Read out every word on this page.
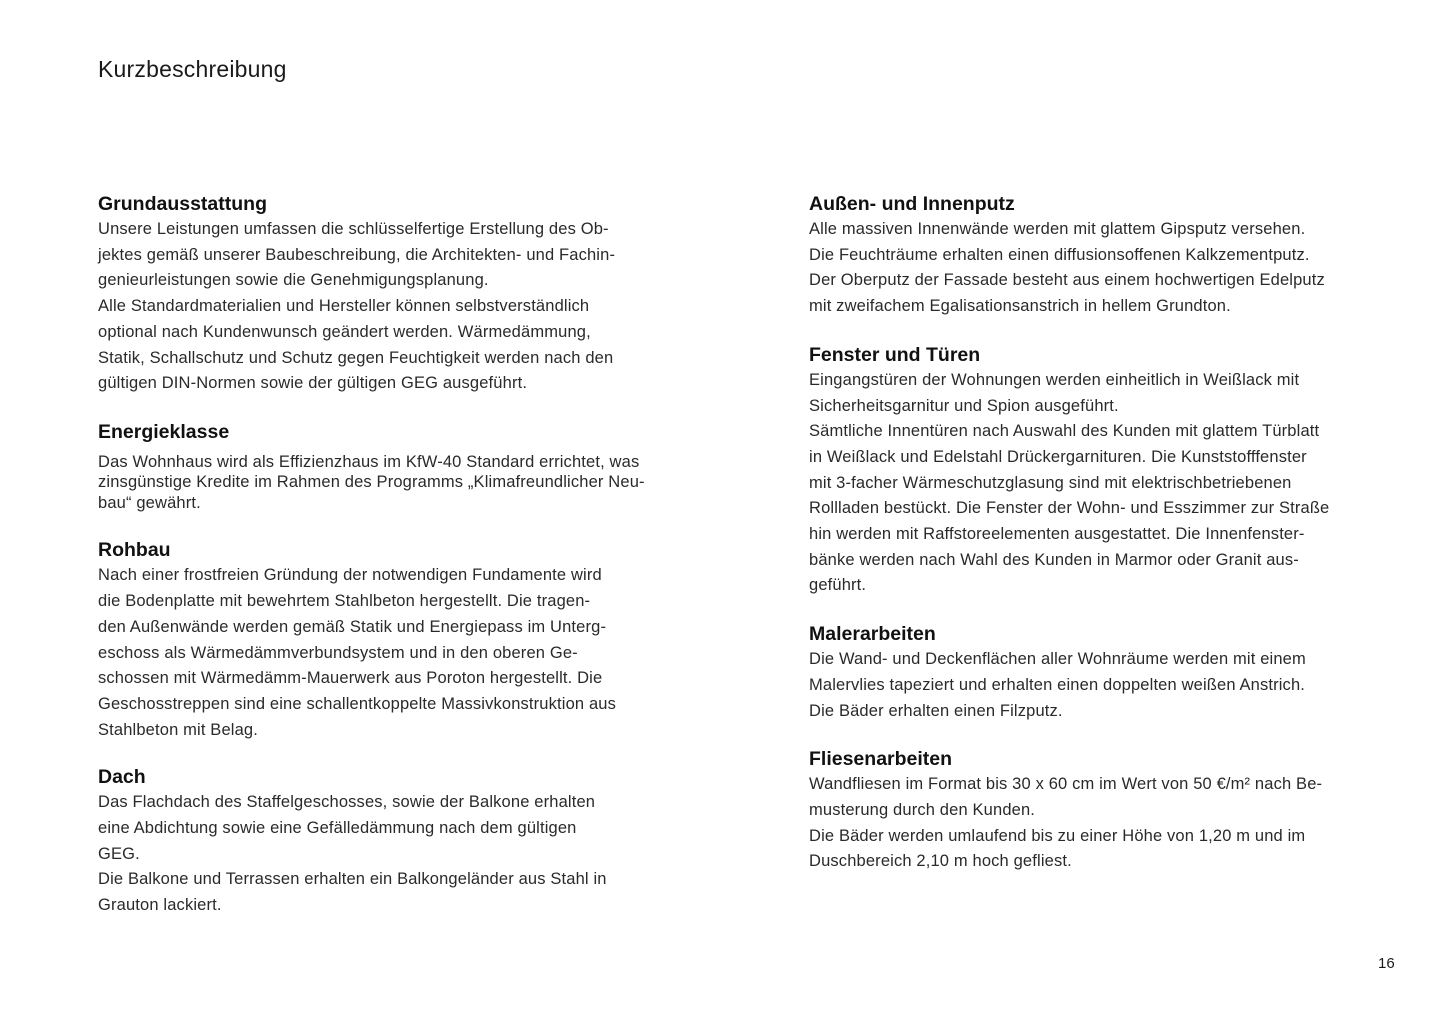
Kurzbeschreibung
Grundausstattung
Unsere Leistungen umfassen die schlüsselfertige Erstellung des Ob-
jektes gemäß unserer Baubeschreibung, die Architekten- und Fachin-
genieurleistungen sowie die Genehmigungsplanung.
Alle Standardmaterialien und Hersteller können selbstverständlich
optional nach Kundenwunsch geändert werden. Wärmedämmung,
Statik, Schallschutz und Schutz gegen Feuchtigkeit werden nach den
gültigen DIN-Normen sowie der gültigen GEG ausgeführt.
Energieklasse
Das Wohnhaus wird als Effizienzhaus im KfW-40 Standard errichtet, was
zinsgünstige Kredite im Rahmen des Programms „Klimafreundlicher Neu-
bau“ gewährt.
Rohbau
Nach einer frostfreien Gründung der notwendigen Fundamente wird
die Bodenplatte mit bewehrtem Stahlbeton hergestellt. Die tragen-
den Außenwände werden gemäß Statik und Energiepass im Unterg-
eschoss als Wärmedämmverbundsystem und in den oberen Ge-
schossen mit Wärmedämm-Mauerwerk aus Poroton hergestellt. Die
Geschosstreppen sind eine schallentkoppelte Massivkonstruktion aus
Stahlbeton mit Belag.
Dach
Das Flachdach des Staffelgeschosses, sowie der Balkone erhalten
eine Abdichtung sowie eine Gefälledämmung nach dem gültigen
GEG.
Die Balkone und Terrassen erhalten ein Balkongeländer aus Stahl in
Grauton lackiert.
Außen- und Innenputz
Alle massiven Innenwände werden mit glattem Gipsputz versehen.
Die Feuchträume erhalten einen diffusionsoffenen Kalkzementputz.
Der Oberputz der Fassade besteht aus einem hochwertigen Edelputz
mit zweifachem Egalisationsanstrich in hellem Grundton.
Fenster und Türen
Eingangstüren der Wohnungen werden einheitlich in Weißlack mit
Sicherheitsgarnitur und Spion ausgeführt.
Sämtliche Innentüren nach Auswahl des Kunden mit glattem Türblatt
in Weißlack und Edelstahl Drückergarnituren. Die Kunststofffenster
mit 3-facher Wärmeschutzglasung sind mit elektrischbetriebenen
Rollladen bestückt. Die Fenster der Wohn- und Esszimmer zur Straße
hin werden mit Raffstoreelementen ausgestattet. Die Innenfenster-
bänke werden nach Wahl des Kunden in Marmor oder Granit aus-
geführt.
Malerarbeiten
Die Wand- und Deckenflächen aller Wohnräume werden mit einem
Malervlies tapeziert und erhalten einen doppelten weißen Anstrich.
Die Bäder erhalten einen Filzputz.
Fliesenarbeiten
Wandfliesen im Format bis 30 x 60 cm im Wert von 50 €/m² nach Be-
musterung durch den Kunden.
Die Bäder werden umlaufend bis zu einer Höhe von 1,20 m und im
Duschbereich 2,10 m hoch gefliest.
16
